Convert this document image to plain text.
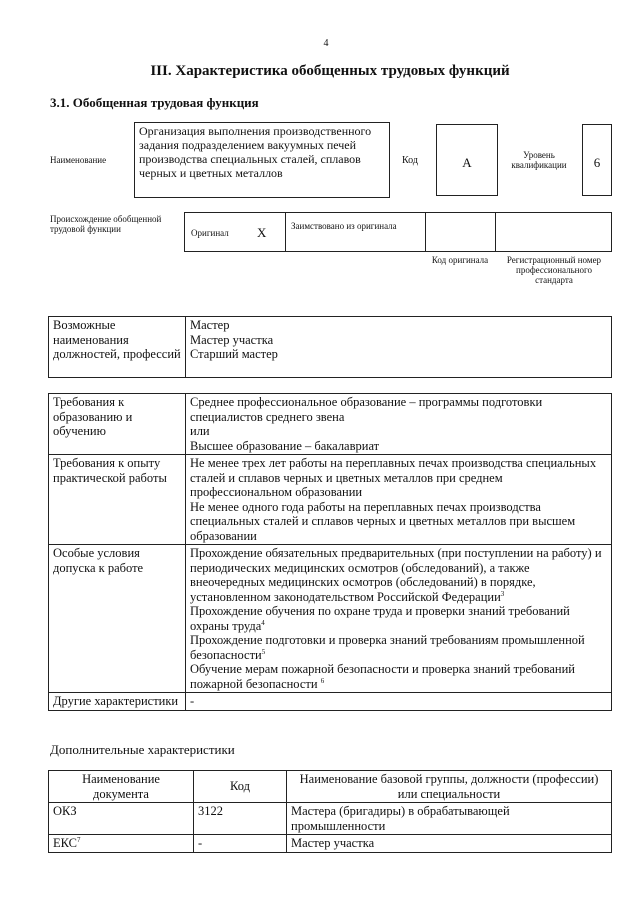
4
III. Характеристика обобщенных трудовых функций
3.1. Обобщенная трудовая функция
Наименование
Организация выполнения производственного задания подразделением вакуумных печей производства специальных сталей, сплавов черных и цветных металлов
Код	А	Уровень квалификации	6
Происхождение обобщенной трудовой функции	Оригинал	X	Заимствовано из оригинала
Код оригинала	Регистрационный номер профессионального стандарта
Возможные наименования должностей, профессий	
Мастер
Мастер участка
Старший мастер
Требования к образованию и обучению	Среднее профессиональное образование – программы подготовки специалистов среднего звена
или
Высшее образование – бакалавриат

Требования к опыту практической работы	Не менее трех лет работы на переплавных печах производства специальных сталей и сплавов черных и цветных металлов при среднем профессиональном образовании
Не менее одного года работы на переплавных печах производства специальных сталей и сплавов черных и цветных металлов при высшем образовании

Особые условия допуска к работе	Прохождение обязательных предварительных (при поступлении на работу) и периодических медицинских осмотров (обследований), а также внеочередных медицинских осмотров (обследований) в порядке, установленном законодательством Российской Федерации$^3$
Прохождение обучения по охране труда и проверки знаний требований охраны труда$^4$
Прохождение подготовки и проверка знаний требованиям промышленной безопасности$^5$
Обучение мерам пожарной безопасности и проверка знаний требований пожарной безопасности $^6$

Другие характеристики	-
Дополнительные характеристики
Наименование документа	Код	Наименование базовой группы, должности (профессии) или специальности
ОКЗ	3122	Мастера (бригадиры) в обрабатывающей промышленности
ЕКС$^7$	-	Мастер участка
